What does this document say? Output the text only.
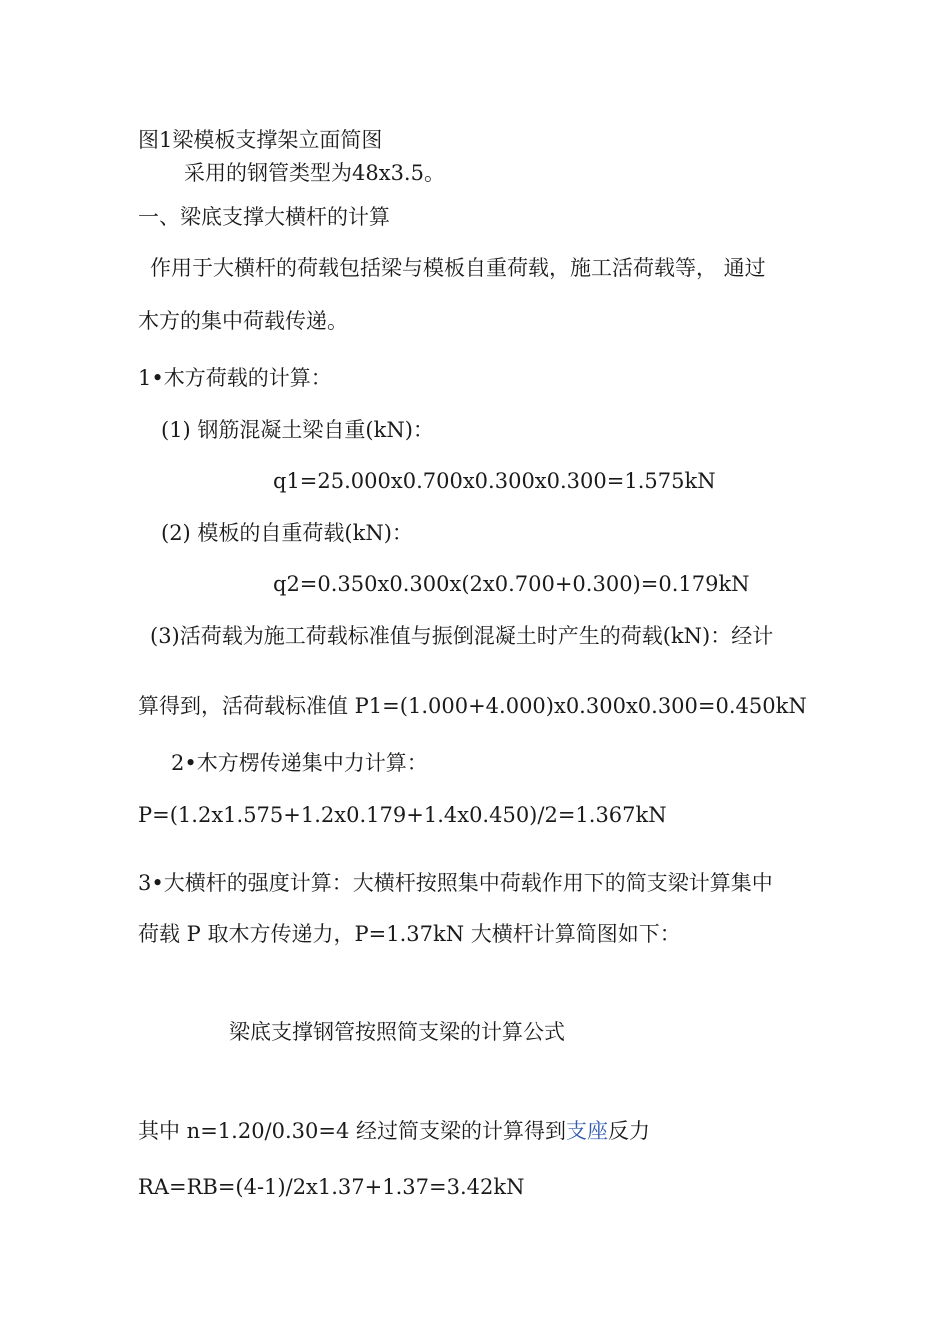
图1梁模板支撑架立面简图
采用的钢管类型为48x3.5。
一、梁底支撑大横杆的计算
作用于大横杆的荷载包括梁与模板自重荷载，施工活荷载等， 通过
木方的集中荷载传递。
1•木方荷载的计算：
(1) 钢筋混凝土梁自重(kN)：
q1=25.000x0.700x0.300x0.300=1.575kN
(2) 模板的自重荷载(kN)：
q2=0.350x0.300x(2x0.700+0.300)=0.179kN
(3)活荷载为施工荷载标准值与振倒混凝土时产生的荷载(kN)：经计
算得到，活荷载标准值 P1=(1.000+4.000)x0.300x0.300=0.450kN
2•木方楞传递集中力计算：
P=(1.2x1.575+1.2x0.179+1.4x0.450)/2=1.367kN
3•大横杆的强度计算：大横杆按照集中荷载作用下的简支梁计算集中
荷载 P 取木方传递力，P=1.37kN 大横杆计算简图如下：
梁底支撑钢管按照简支梁的计算公式
其中 n=1.20/0.30=4 经过简支梁的计算得到支座反力
RA=RB=(4-1)/2x1.37+1.37=3.42kN
